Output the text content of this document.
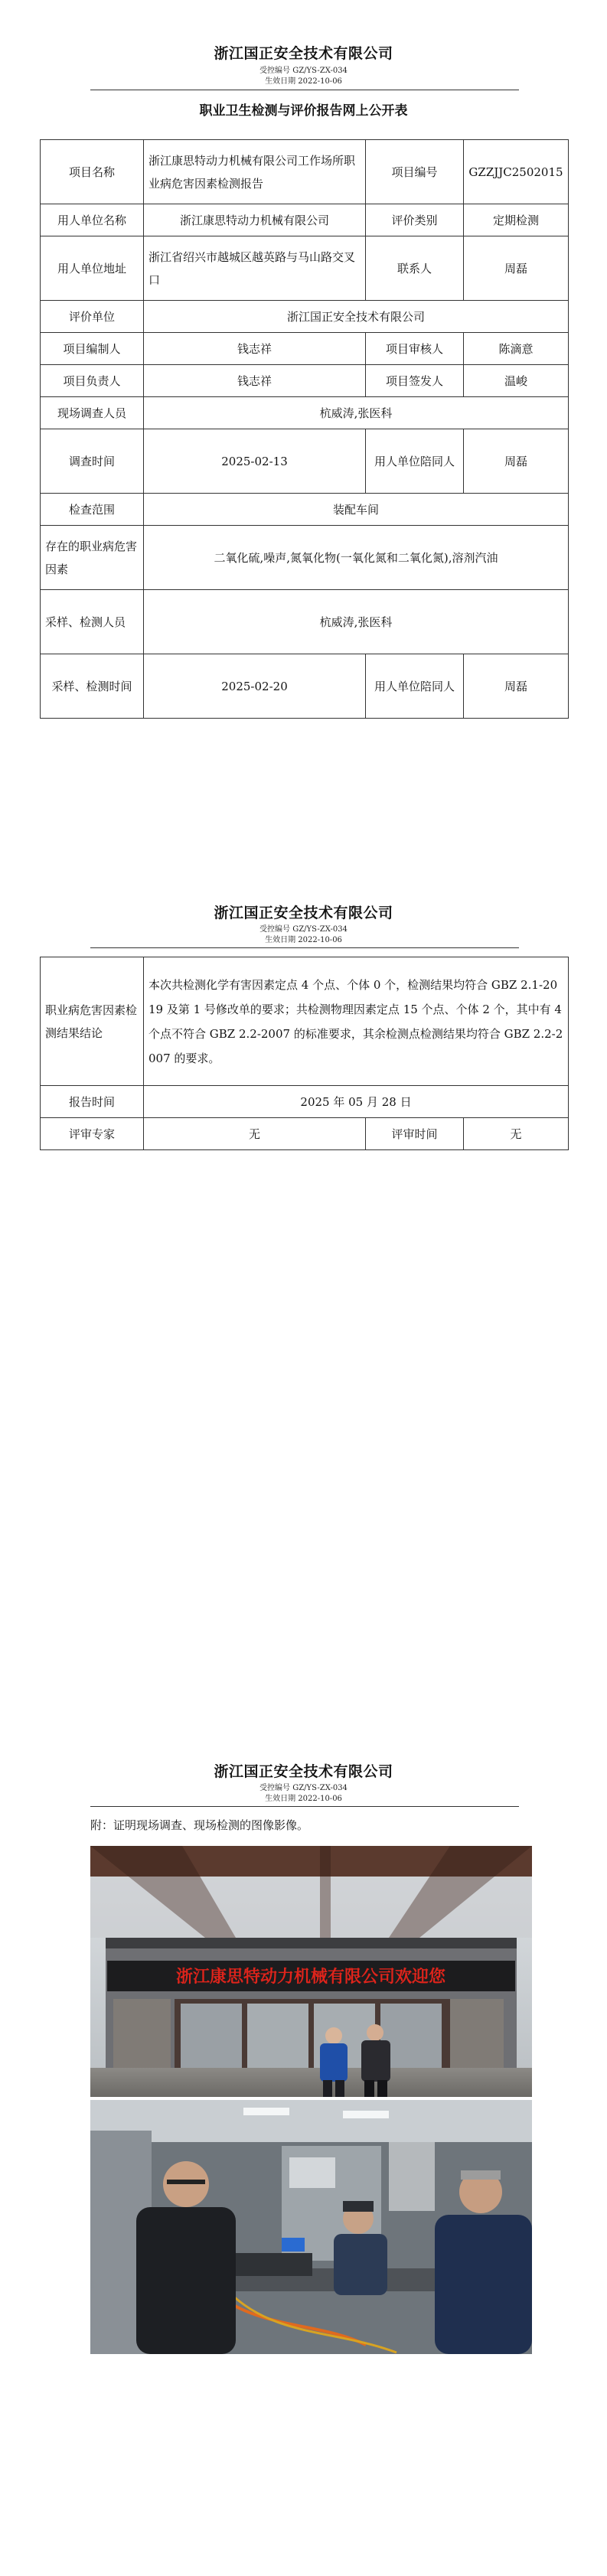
浙江国正安全技术有限公司
受控编号 GZ/YS-ZX-034
生效日期 2022-10-06
职业卫生检测与评价报告网上公开表
项目名称	浙江康思特动力机械有限公司工作场所职业病危害因素检测报告	项目编号	GZZJJC2502015
用人单位名称	浙江康思特动力机械有限公司	评价类别	定期检测
用人单位地址	浙江省绍兴市越城区越英路与马山路交叉口	联系人	周磊
评价单位	浙江国正安全技术有限公司		
项目编制人	钱志祥	项目审核人	陈滴意
项目负责人	钱志祥	项目签发人	温峻
现场调查人员	杭威涛,张医科		
调查时间	2025-02-13	用人单位陪同人	周磊
检查范围	装配车间		
存在的职业病危害因素	二氧化硫,噪声,氮氧化物(一氧化氮和二氧化氮),溶剂汽油		
采样、检测人员	杭威涛,张医科		
采样、检测时间	2025-02-20	用人单位陪同人	周磊
浙江国正安全技术有限公司
受控编号 GZ/YS-ZX-034
生效日期 2022-10-06
职业病危害因素检测结果结论	本次共检测化学有害因素定点 4 个点、个体 0 个，检测结果均符合 GBZ 2.1-2019 及第 1 号修改单的要求；共检测物理因素定点 15 个点、个体 2 个，其中有 4 个点不符合 GBZ 2.2-2007 的标准要求，其余检测点检测结果均符合 GBZ 2.2-2007 的要求。		
报告时间	2025 年 05 月 28 日		
评审专家	无	评审时间	无
浙江国正安全技术有限公司
受控编号 GZ/YS-ZX-034
生效日期 2022-10-06
附：证明现场调查、现场检测的图像影像。
浙江康思特动力机械有限公司欢迎您
